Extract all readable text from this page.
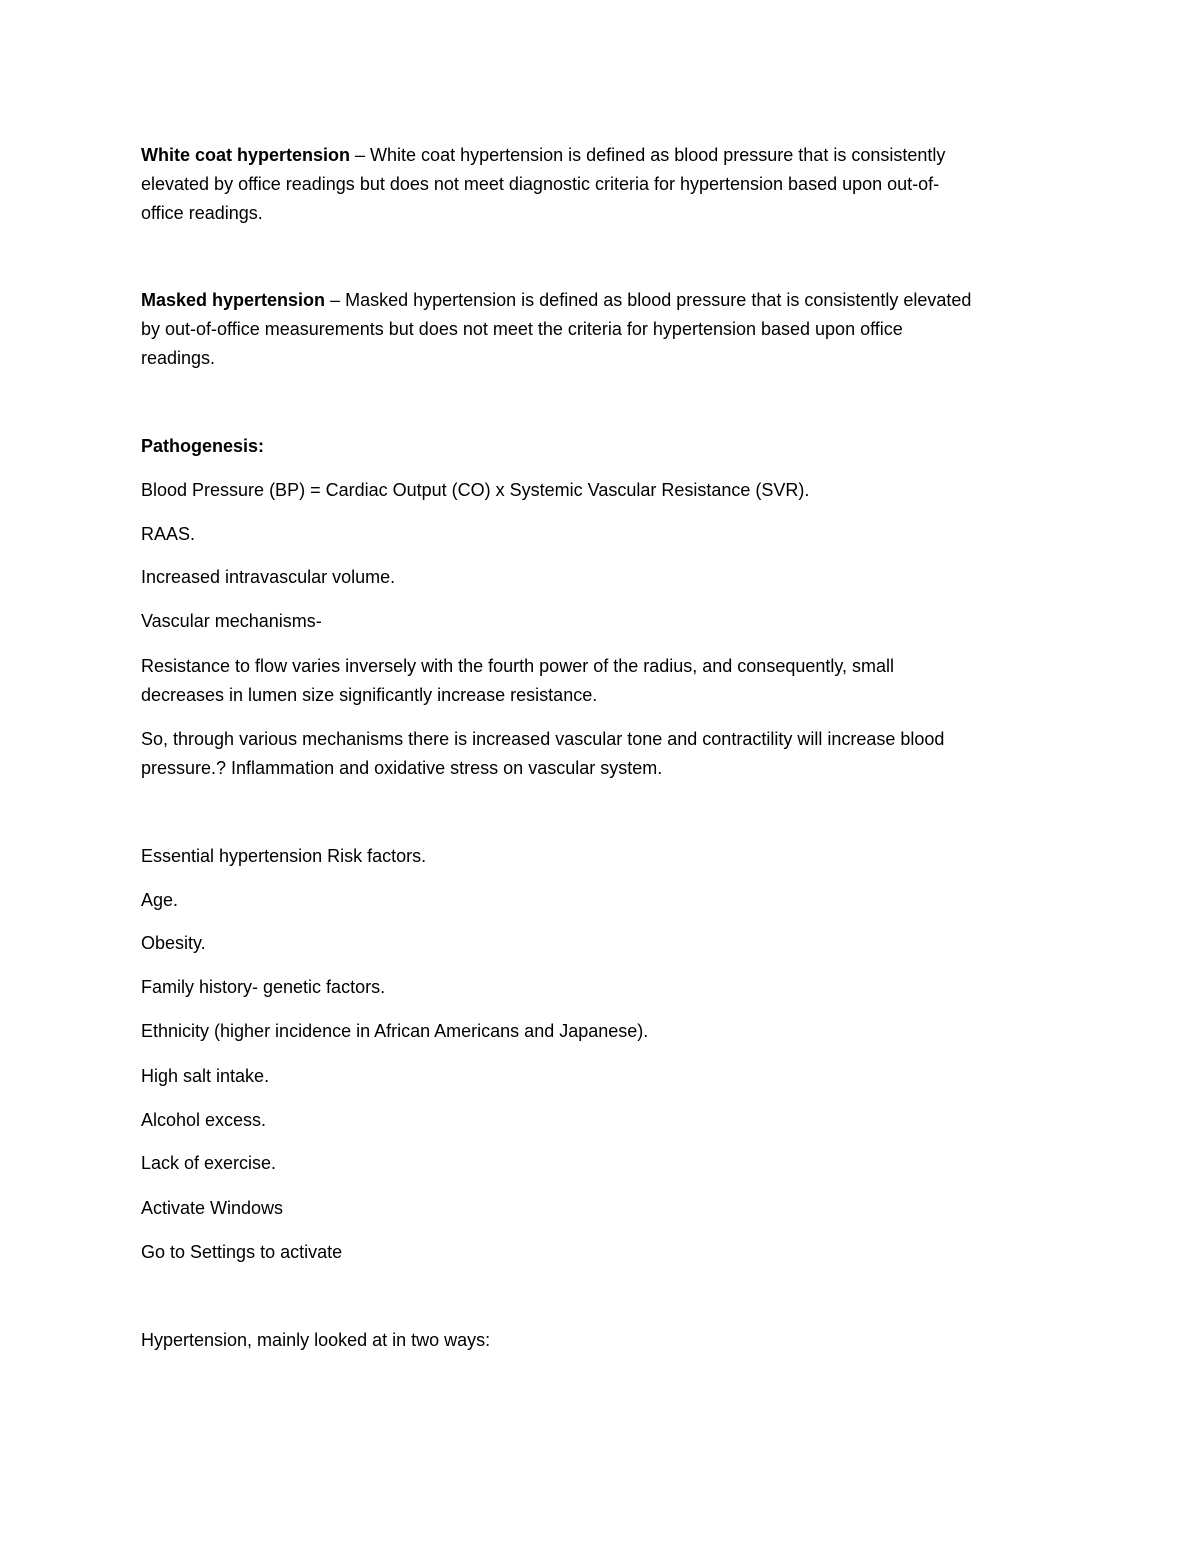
White coat hypertension – White coat hypertension is defined as blood pressure that is consistently
elevated by office readings but does not meet diagnostic criteria for hypertension based upon out-of-
office readings.
Masked hypertension – Masked hypertension is defined as blood pressure that is consistently elevated
by out-of-office measurements but does not meet the criteria for hypertension based upon office
readings.
Pathogenesis:
Blood Pressure (BP) = Cardiac Output (CO) x Systemic Vascular Resistance (SVR).
RAAS.
Increased intravascular volume.
Vascular mechanisms-
Resistance to flow varies inversely with the fourth power of the radius, and consequently, small
decreases in lumen size significantly increase resistance.
So, through various mechanisms there is increased vascular tone and contractility will increase blood
pressure.? Inflammation and oxidative stress on vascular system.
Essential hypertension Risk factors.
Age.
Obesity.
Family history- genetic factors.
Ethnicity (higher incidence in African Americans and Japanese).
High salt intake.
Alcohol excess.
Lack of exercise.
Activate Windows
Go to Settings to activate
Hypertension, mainly looked at in two ways:
